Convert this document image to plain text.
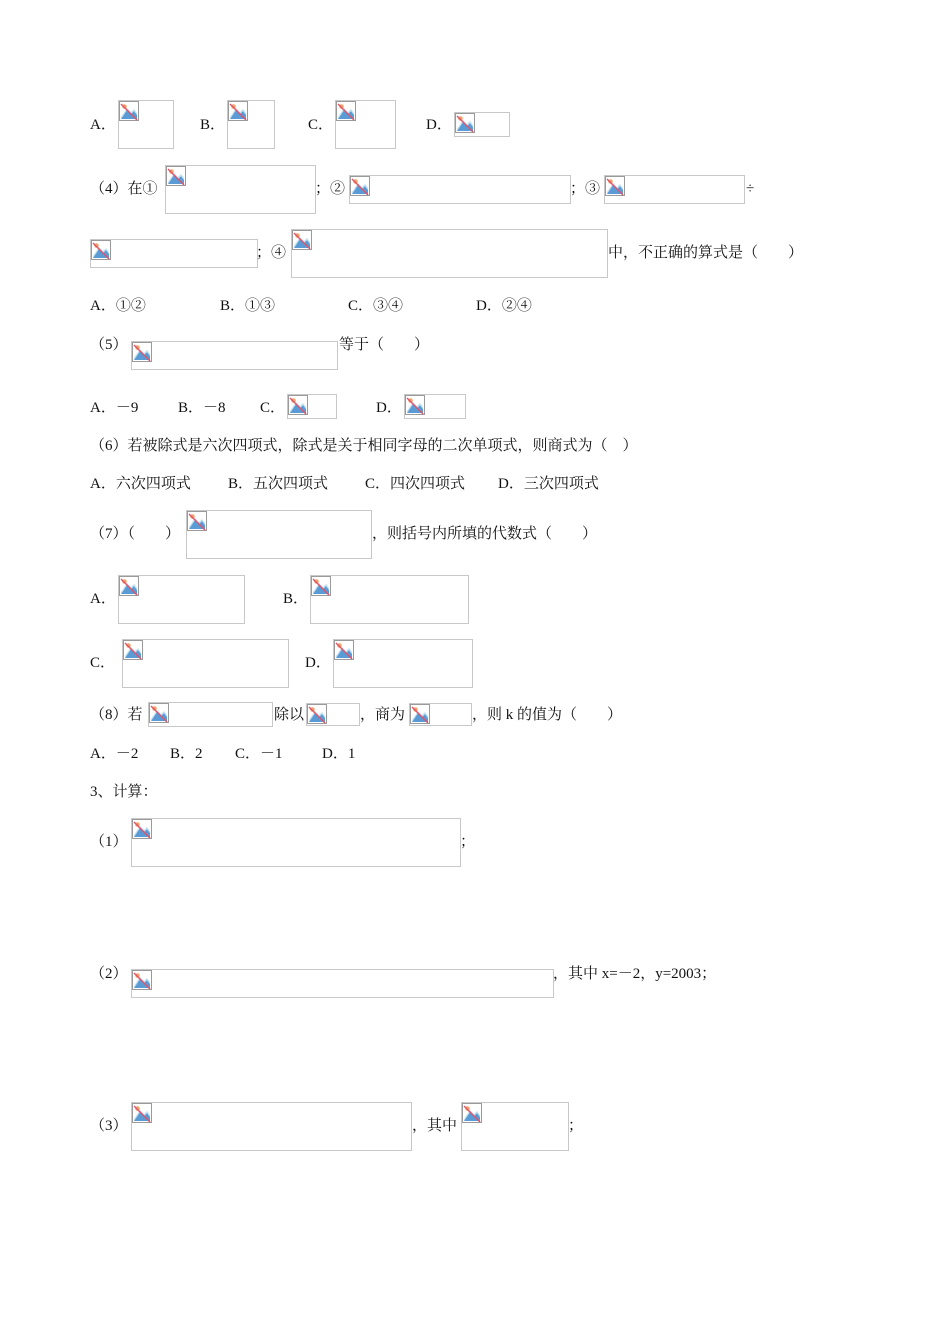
A．	B．	C．	D．
（4）在①	；②	；③	÷
；④	中，不正确的算式是（　　）
A．①②	B．①③	C．③④	D．②④
（5）	等于（　　）
A．－9	B．－8 C．	D．
（6）若被除式是六次四项式，除式是关于相同字母的二次单项式，则商式为（　）
A．六次四项式 B．五次四项式 C．四次四项式 D．三次四项式
（7）（　　）	，则括号内所填的代数式（　　）
A．	B．
C．	D．
（8）若	除以	，商为	，则 k 的值为（　　）
A．－2 B．2 C．－1	D．1
3、计算：
（1）	；
（2）	，其中 x=－2，y=2003；
（3）	，其中	；
